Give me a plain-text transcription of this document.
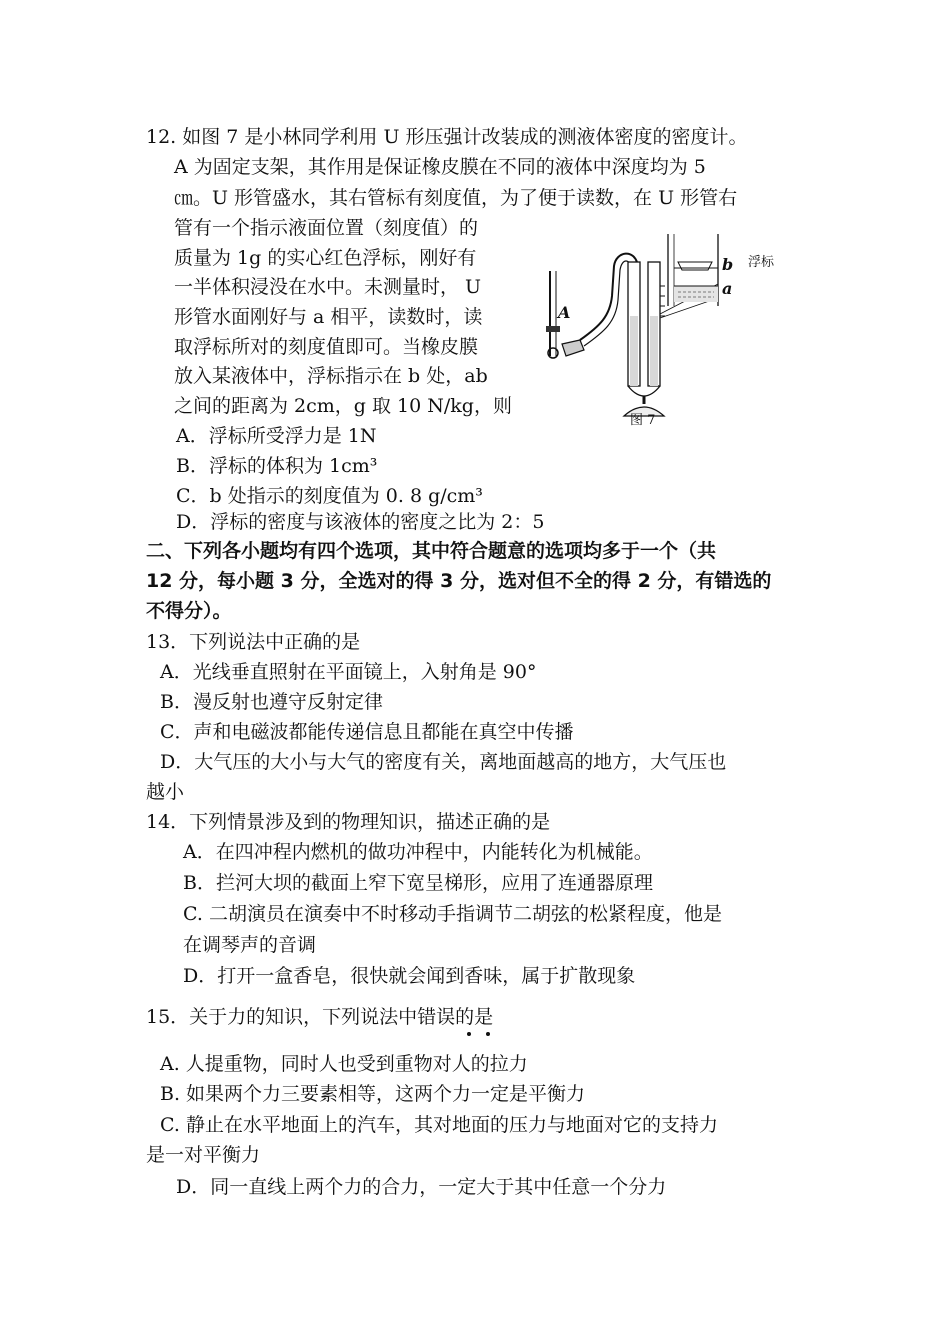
12. 如图 7 是小林同学利用 U 形压强计改装成的测液体密度的密度计。
A 为固定支架，其作用是保证橡皮膜在不同的液体中深度均为 5
㎝。U 形管盛水，其右管标有刻度值，为了便于读数，在 U 形管右
管有一个指示液面位置（刻度值）的
质量为 1g 的实心红色浮标，刚好有
一半体积浸没在水中。未测量时， U
形管水面刚好与 a 相平，读数时，读
取浮标所对的刻度值即可。当橡皮膜
放入某液体中，浮标指示在 b 处，ab
之间的距离为 2cm，g 取 10 N/kg，则
A．浮标所受浮力是 1N
B．浮标的体积为 1cm³
C．b 处指示的刻度值为 0. 8 g/cm³
D．浮标的密度与该液体的密度之比为 2：5
A
b
a
浮标
图 7
二、下列各小题均有四个选项，其中符合题意的选项均多于一个（共
12 分，每小题 3 分，全选对的得 3 分，选对但不全的得 2 分，有错选的
不得分）。
13．下列说法中正确的是
A．光线垂直照射在平面镜上，入射角是 90°
B．漫反射也遵守反射定律
C．声和电磁波都能传递信息且都能在真空中传播
D．大气压的大小与大气的密度有关，离地面越高的地方，大气压也
越小
14．下列情景涉及到的物理知识，描述正确的是
A．在四冲程内燃机的做功冲程中，内能转化为机械能。
B．拦河大坝的截面上窄下宽呈梯形，应用了连通器原理
C. 二胡演员在演奏中不时移动手指调节二胡弦的松紧程度，他是
在调琴声的音调
D．打开一盒香皂，很快就会闻到香味，属于扩散现象
15．关于力的知识，下列说法中错误的是
A. 人提重物，同时人也受到重物对人的拉力
B. 如果两个力三要素相等，这两个力一定是平衡力
C. 静止在水平地面上的汽车，其对地面的压力与地面对它的支持力
是一对平衡力
D．同一直线上两个力的合力，一定大于其中任意一个分力
